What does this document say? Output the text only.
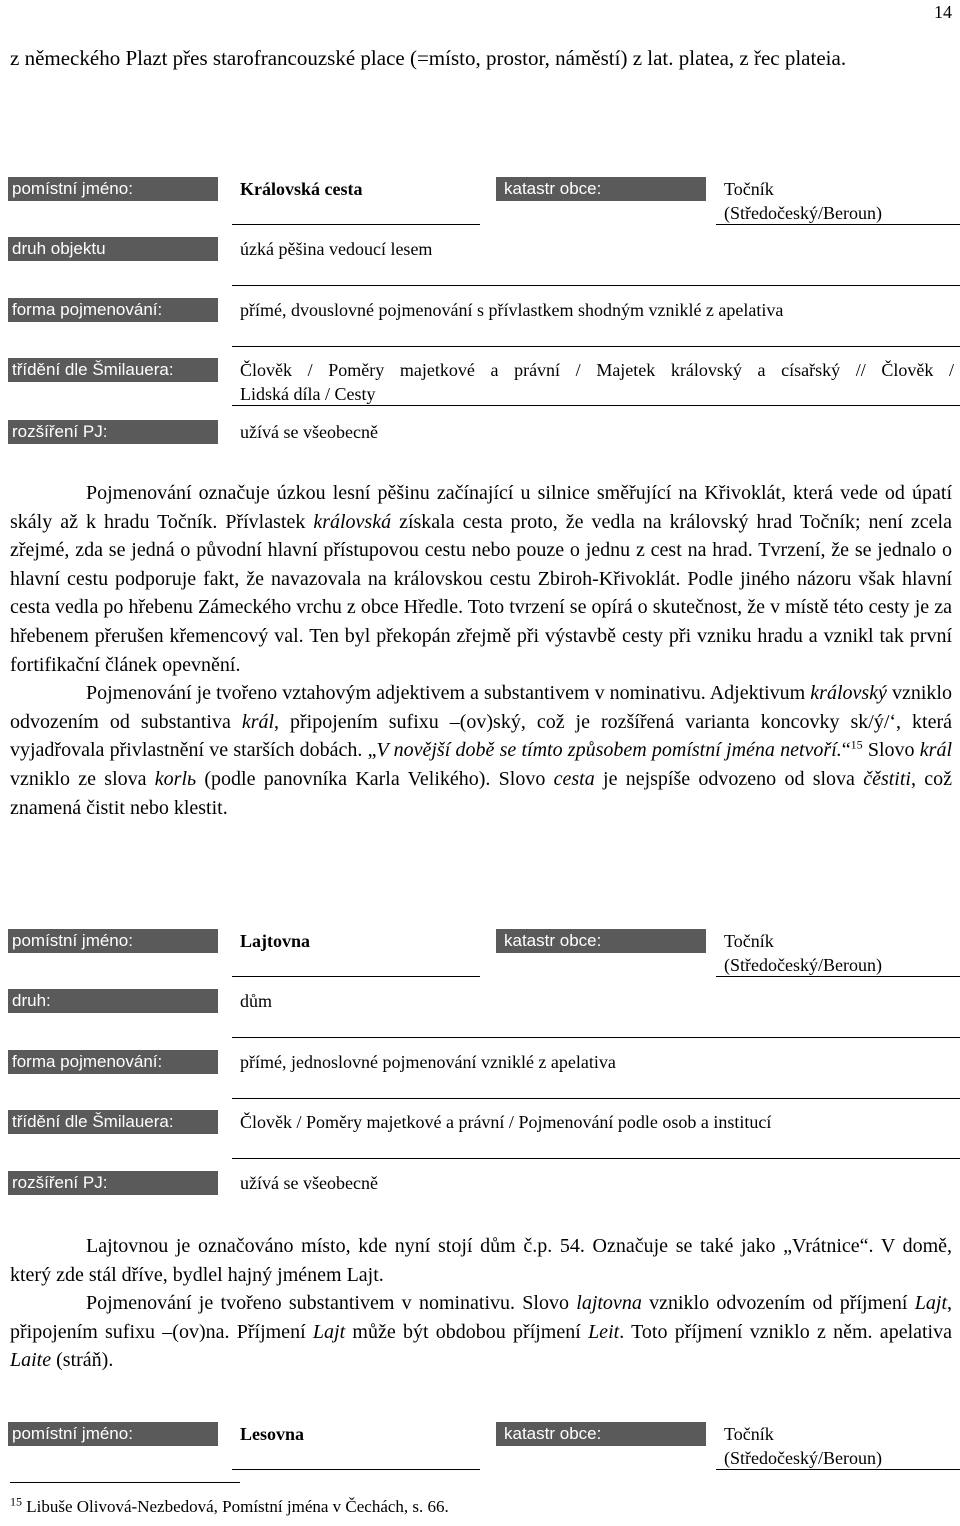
14
z německého Plazt přes starofrancouzské place (=místo, prostor, náměstí) z lat. platea, z řec plateia.
pomístní jméno:	Královská cesta	katastr obce:	Točník
(Středočeský/Beroun)
druh objektu	úzká pěšina vedoucí lesem
forma pojmenování:	přímé, dvouslovné pojmenování s přívlastkem shodným vzniklé z apelativa
třídění dle Šmilauera:	Člověk / Poměry majetkové a právní / Majetek královský a císařský // Člověk /
Lidská díla / Cesty
rozšíření PJ:	užívá se všeobecně

Pojmenování označuje úzkou lesní pěšinu začínající u silnice směřující na Křivoklát, která vede od úpatí skály až k hradu Točník. Přívlastek královská získala cesta proto, že vedla na královský hrad Točník; není zcela zřejmé, zda se jedná o původní hlavní přístupovou cestu nebo pouze o jednu z cest na hrad. Tvrzení, že se jednalo o hlavní cestu podporuje fakt, že navazovala na královskou cestu Zbiroh-Křivoklát. Podle jiného názoru však hlavní cesta vedla po hřebenu Zámeckého vrchu z obce Hředle. Toto tvrzení se opírá o skutečnost, že v místě této cesty je za hřebenem přerušen křemencový val. Ten byl překopán zřejmě při výstavbě cesty při vzniku hradu a vznikl tak první fortifikační článek opevnění.

Pojmenování je tvořeno vztahovým adjektivem a substantivem v nominativu. Adjektivum královský vzniklo odvozením od substantiva král, připojením sufixu –(ov)ský, což je rozšířená varianta koncovky sk/ý/‘, která vyjadřovala přivlastnění ve starších dobách. „V novější době se tímto způsobem pomístní jména netvoří.“$^{15}$ Slovo král vzniklo ze slova korlь (podle panovníka Karla Velikého). Slovo cesta je nejspíše odvozeno od slova čěstiti, což znamená čistit nebo klestit.

pomístní jméno:	Lajtovna	katastr obce:	Točník
(Středočeský/Beroun)
druh:	dům
forma pojmenování:	přímé, jednoslovné pojmenování vzniklé z apelativa
třídění dle Šmilauera:	Člověk / Poměry majetkové a právní / Pojmenování podle osob a institucí
rozšíření PJ:	užívá se všeobecně

Lajtovnou je označováno místo, kde nyní stojí dům č.p. 54. Označuje se také jako „Vrátnice“. V domě, který zde stál dříve, bydlel hajný jménem Lajt.

Pojmenování je tvořeno substantivem v nominativu. Slovo lajtovna vzniklo odvozením od příjmení Lajt, připojením sufixu –(ov)na. Příjmení Lajt může být obdobou příjmení Leit. Toto příjmení vzniklo z něm. apelativa Laite (stráň).

pomístní jméno:	Lesovna	katastr obce:	Točník
(Středočeský/Beroun)
$^{15}$ Libuše Olivová-Nezbedová, Pomístní jména v Čechách, s. 66.
